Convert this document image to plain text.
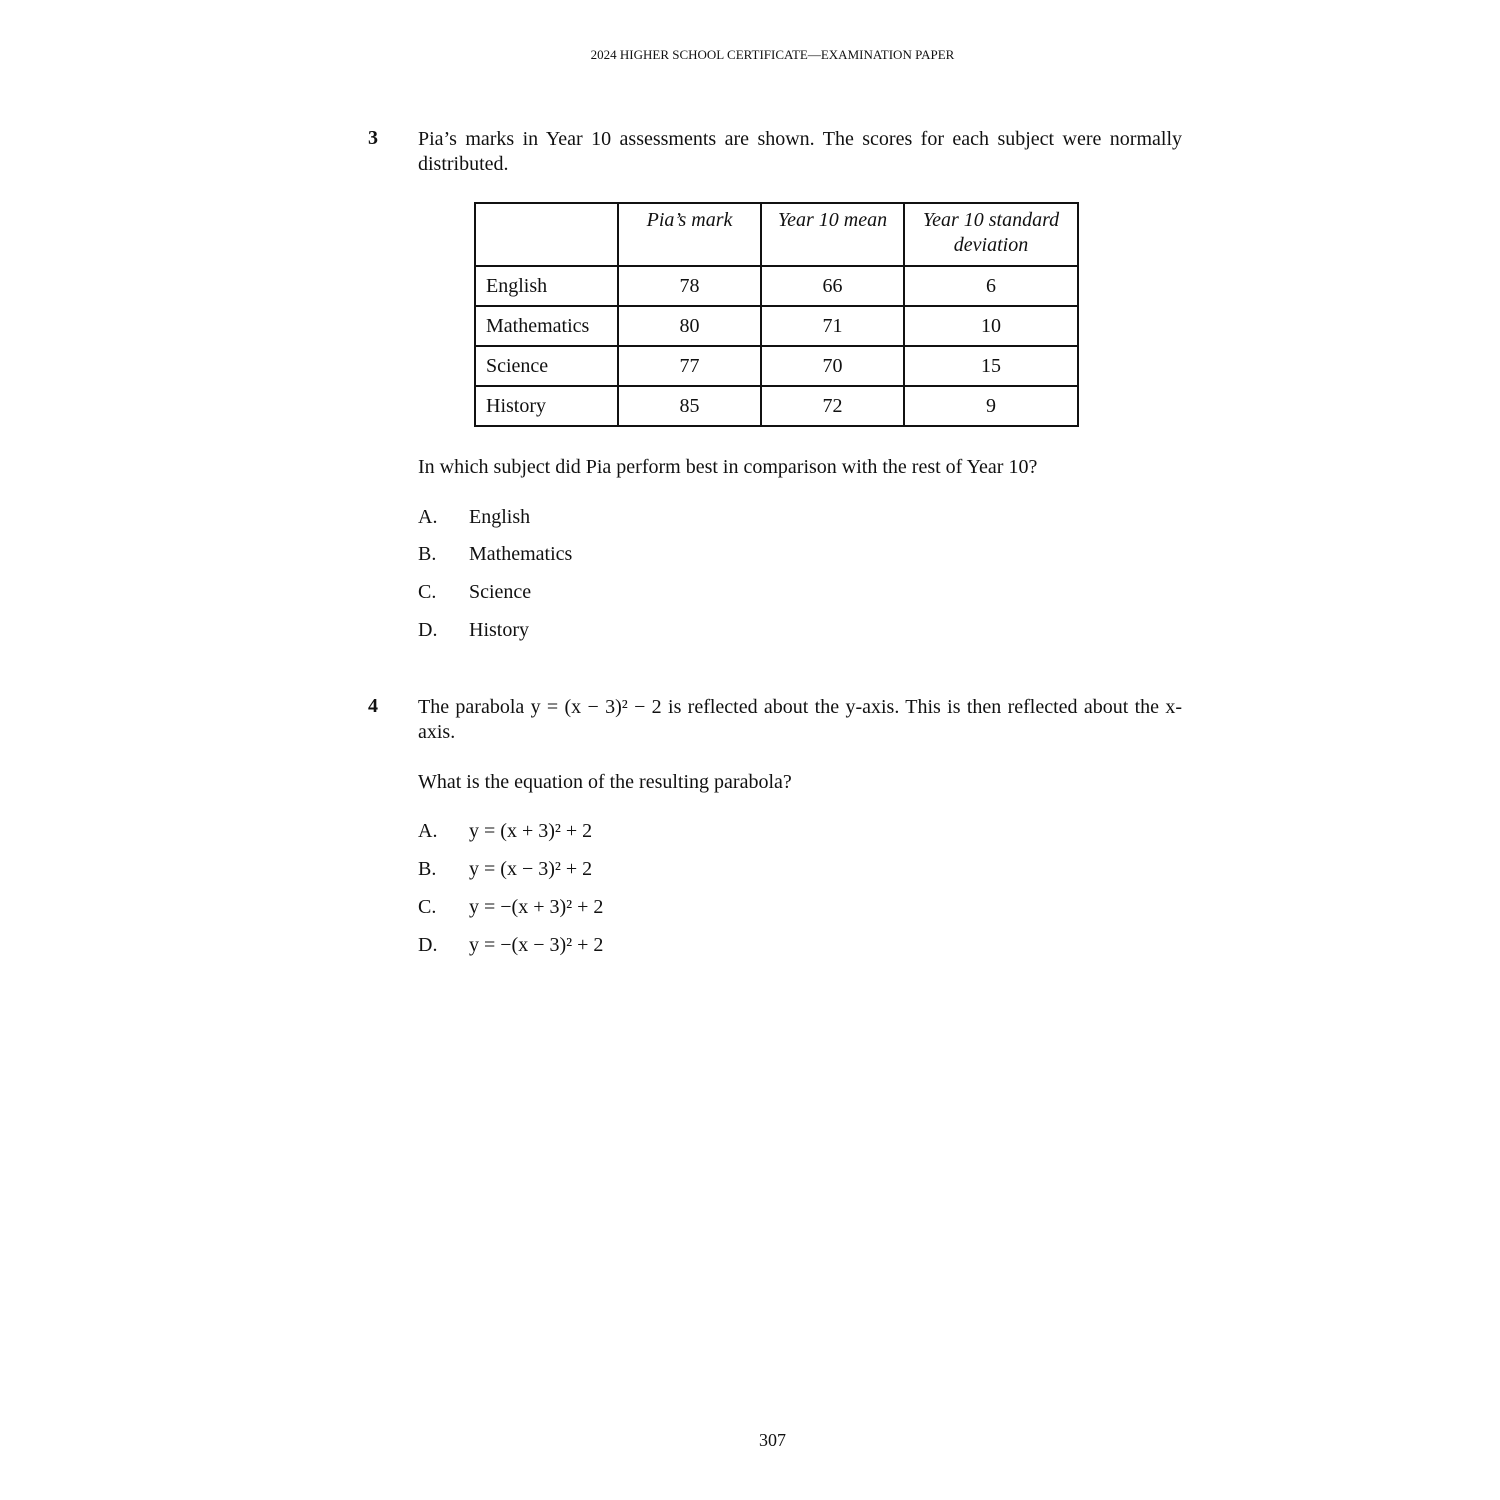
2024 HIGHER SCHOOL CERTIFICATE—EXAMINATION PAPER
3 Pia’s marks in Year 10 assessments are shown. The scores for each subject were normally distributed.
	Pia’s mark	Year 10 mean	Year 10 standard deviation
English	78	66	6
Mathematics	80	71	10
Science	77	70	15
History	85	72	9
In which subject did Pia perform best in comparison with the rest of Year 10?
A. English
B. Mathematics
C. Science
D. History
4 The parabola y = (x − 3)² − 2 is reflected about the y-axis. This is then reflected about the x-axis.
What is the equation of the resulting parabola?
A. y = (x + 3)² + 2
B. y = (x − 3)² + 2
C. y = −(x + 3)² + 2
D. y = −(x − 3)² + 2
307
